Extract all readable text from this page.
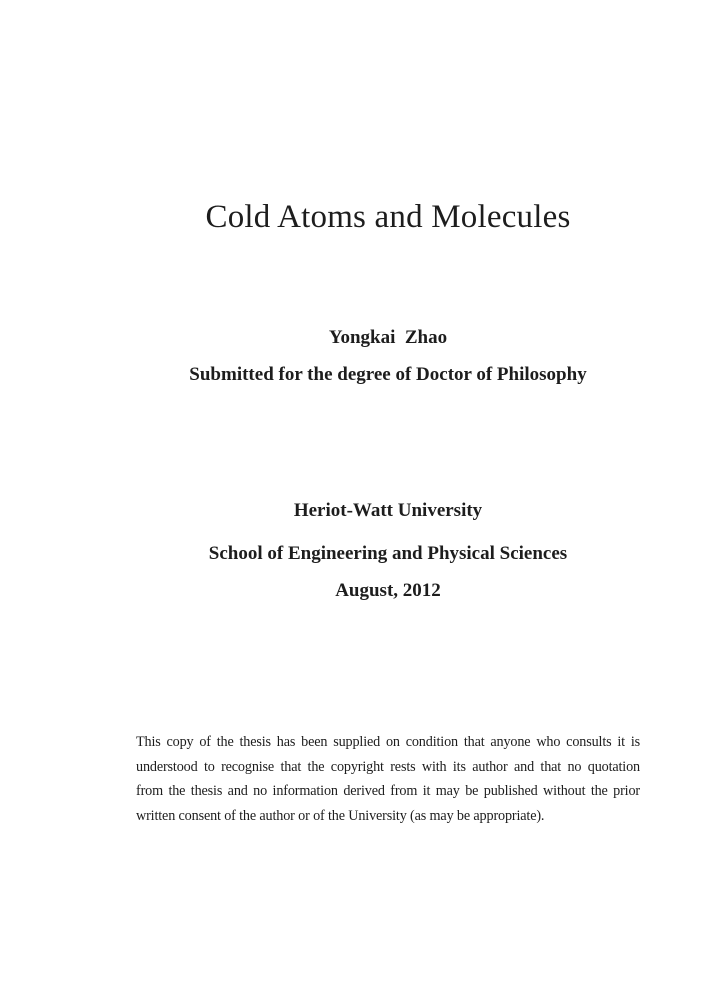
Cold Atoms and Molecules
Yongkai  Zhao
Submitted for the degree of Doctor of Philosophy
Heriot-Watt University
School of Engineering and Physical Sciences
August, 2012
This copy of the thesis has been supplied on condition that anyone who consults it is
understood to recognise that the copyright rests with its author and that no quotation
from the thesis and no information derived from it may be published without the prior
written consent of the author or of the University (as may be appropriate).
